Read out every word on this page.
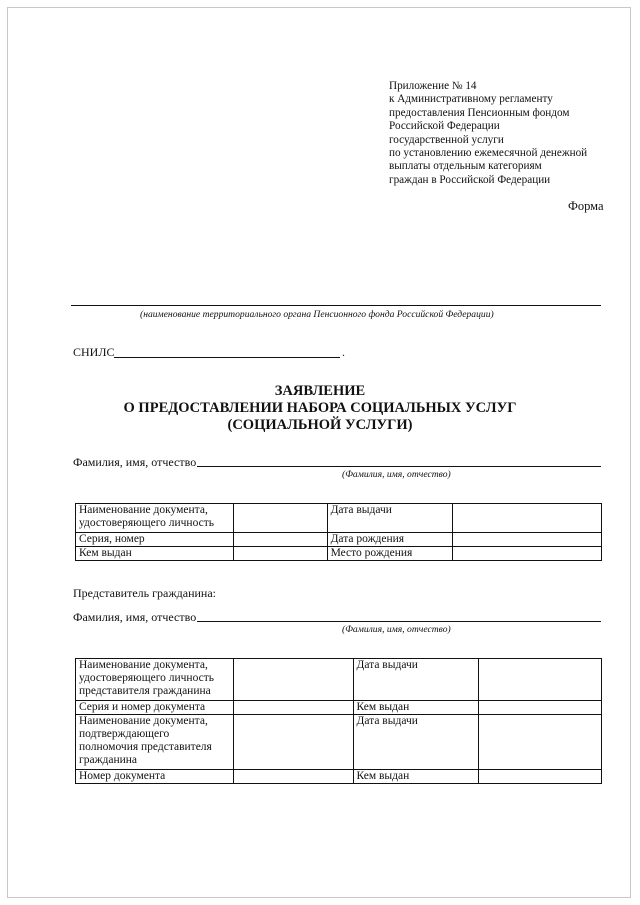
Приложение № 14
к Административному регламенту
предоставления Пенсионным фондом
Российской Федерации
государственной услуги
по установлению ежемесячной денежной
выплаты отдельным категориям
граждан в Российской Федерации
Форма
(наименование территориального органа Пенсионного фонда Российской Федерации)
СНИЛС	.
ЗАЯВЛЕНИЕ
О ПРЕДОСТАВЛЕНИИ НАБОРА СОЦИАЛЬНЫХ УСЛУГ
(СОЦИАЛЬНОЙ УСЛУГИ)
Фамилия, имя, отчество
(Фамилия, имя, отчество)
Наименование документа,
удостоверяющего личность		Дата выдачи	
Серия, номер		Дата рождения	
Кем выдан		Место рождения	
Представитель гражданина:
Фамилия, имя, отчество
(Фамилия, имя, отчество)
Наименование документа,
удостоверяющего личность
представителя гражданина		Дата выдачи	
Серия и номер документа		Кем выдан	
Наименование документа,
подтверждающего
полномочия представителя
гражданина		Дата выдачи	
Номер документа		Кем выдан	
